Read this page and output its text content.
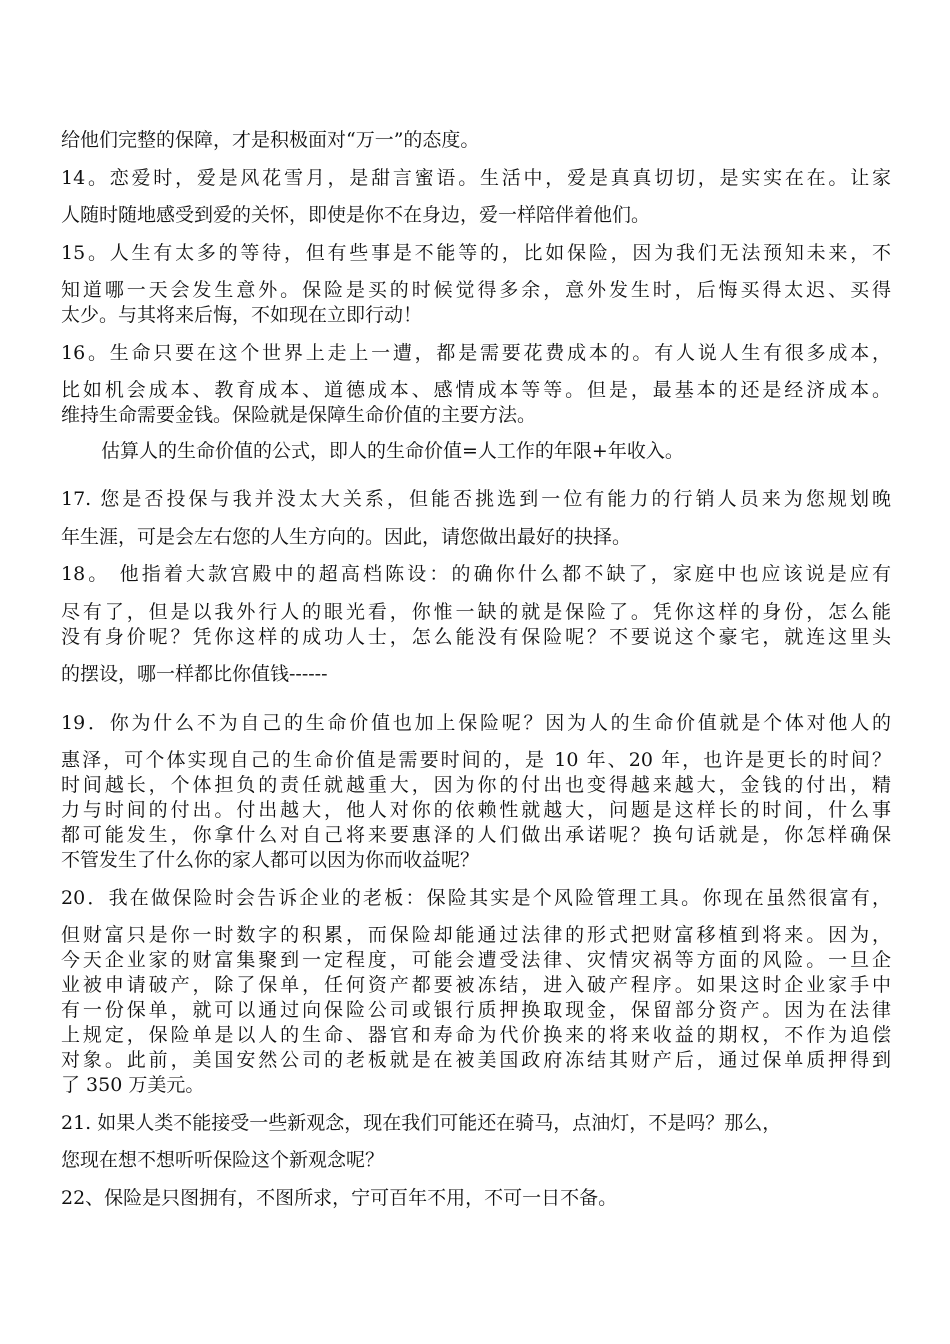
给他们完整的保障，才是积极面对“万一”的态度。

14。恋爱时，爱是风花雪月，是甜言蜜语。生活中，爱是真真切切，是实实在在。让家

人随时随地感受到爱的关怀，即使是你不在身边，爱一样陪伴着他们。

15。人生有太多的等待，但有些事是不能等的，比如保险，因为我们无法预知未来，不

知道哪一天会发生意外。保险是买的时候觉得多余，意外发生时，后悔买得太迟、买得

太少。与其将来后悔，不如现在立即行动！

16。生命只要在这个世界上走上一遭，都是需要花费成本的。有人说人生有很多成本，

比如机会成本、教育成本、道德成本、感情成本等等。但是，最基本的还是经济成本。

维持生命需要金钱。保险就是保障生命价值的主要方法。

估算人的生命价值的公式，即人的生命价值=人工作的年限+年收入。

17. 您是否投保与我并没太大关系，但能否挑选到一位有能力的行销人员来为您规划晚

年生涯，可是会左右您的人生方向的。因此，请您做出最好的抉择。

18。 他指着大款宫殿中的超高档陈设：的确你什么都不缺了，家庭中也应该说是应有

尽有了，但是以我外行人的眼光看，你惟一缺的就是保险了。凭你这样的身份，怎么能

没有身价呢？凭你这样的成功人士，怎么能没有保险呢？不要说这个豪宅，就连这里头

的摆设，哪一样都比你值钱------

19．你为什么不为自己的生命价值也加上保险呢？因为人的生命价值就是个体对他人的

惠泽，可个体实现自己的生命价值是需要时间的，是 10 年、20 年，也许是更长的时间？

时间越长，个体担负的责任就越重大，因为你的付出也变得越来越大，金钱的付出，精

力与时间的付出。付出越大，他人对你的依赖性就越大，问题是这样长的时间，什么事

都可能发生，你拿什么对自己将来要惠泽的人们做出承诺呢？换句话就是，你怎样确保

不管发生了什么你的家人都可以因为你而收益呢？

20．我在做保险时会告诉企业的老板：保险其实是个风险管理工具。你现在虽然很富有，

但财富只是你一时数字的积累，而保险却能通过法律的形式把财富移植到将来。因为，

今天企业家的财富集聚到一定程度，可能会遭受法律、灾情灾祸等方面的风险。一旦企

业被申请破产，除了保单，任何资产都要被冻结，进入破产程序。如果这时企业家手中

有一份保单，就可以通过向保险公司或银行质押换取现金，保留部分资产。因为在法律

上规定，保险单是以人的生命、器官和寿命为代价换来的将来收益的期权，不作为追偿

对象。此前，美国安然公司的老板就是在被美国政府冻结其财产后，通过保单质押得到

了 350 万美元。

21. 如果人类不能接受一些新观念，现在我们可能还在骑马，点油灯，不是吗？那么，

您现在想不想听听保险这个新观念呢？

22、保险是只图拥有，不图所求，宁可百年不用，不可一日不备。
